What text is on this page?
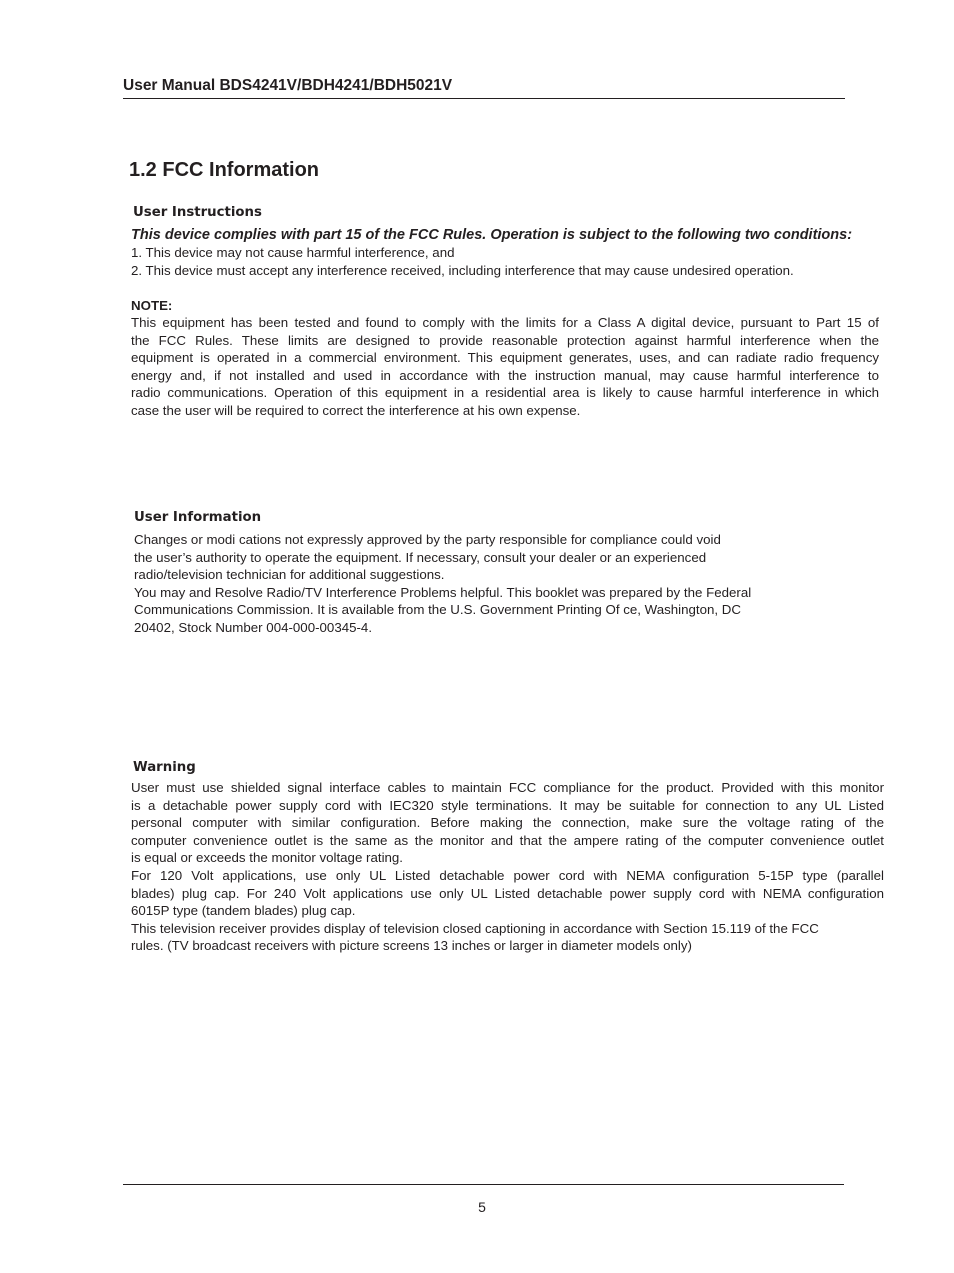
User Manual BDS4241V/BDH4241/BDH5021V
1.2 FCC Information
User Instructions
This device complies with part 15 of the FCC Rules. Operation is subject to the following two conditions:
1. This device may not cause harmful interference, and
2. This device must accept any interference received, including interference that may cause undesired operation.
NOTE:
This equipment has been tested and found to comply with the limits for a Class A digital device, pursuant to Part 15 of
the FCC Rules. These limits are designed to provide reasonable protection against harmful interference when the
equipment is operated in a commercial environment. This equipment generates, uses, and can radiate radio frequency
energy and, if not installed and used in accordance with the instruction manual, may cause harmful interference to
radio communications. Operation of this equipment in a residential area is likely to cause harmful interference in which
case the user will be required to correct the interference at his own expense.
User Information
Changes or modi cations not expressly approved by the party responsible for compliance could void
the user’s authority to operate the equipment. If necessary, consult your dealer or an experienced
radio/television technician for additional suggestions.
You may and Resolve Radio/TV Interference Problems helpful. This booklet was prepared by the Federal
Communications Commission. It is available from the U.S. Government Printing Of ce, Washington, DC
20402, Stock Number 004-000-00345-4.
Warning
User must use shielded signal interface cables to maintain FCC compliance for the product. Provided with this monitor
is a detachable power supply cord with IEC320 style terminations. It may be suitable for connection to any UL Listed
personal computer with similar configuration. Before making the connection, make sure the voltage rating of the
computer convenience outlet is the same as the monitor and that the ampere rating of the computer convenience outlet
is equal or exceeds the monitor voltage rating.
For 120 Volt applications, use only UL Listed detachable power cord with NEMA configuration 5-15P type (parallel
blades) plug cap. For 240 Volt applications use only UL Listed detachable power supply cord with NEMA configuration
6015P type (tandem blades) plug cap.
This television receiver provides display of television closed captioning in accordance with Section 15.119 of the FCC
rules. (TV broadcast receivers with picture screens 13 inches or larger in diameter models only)
5
